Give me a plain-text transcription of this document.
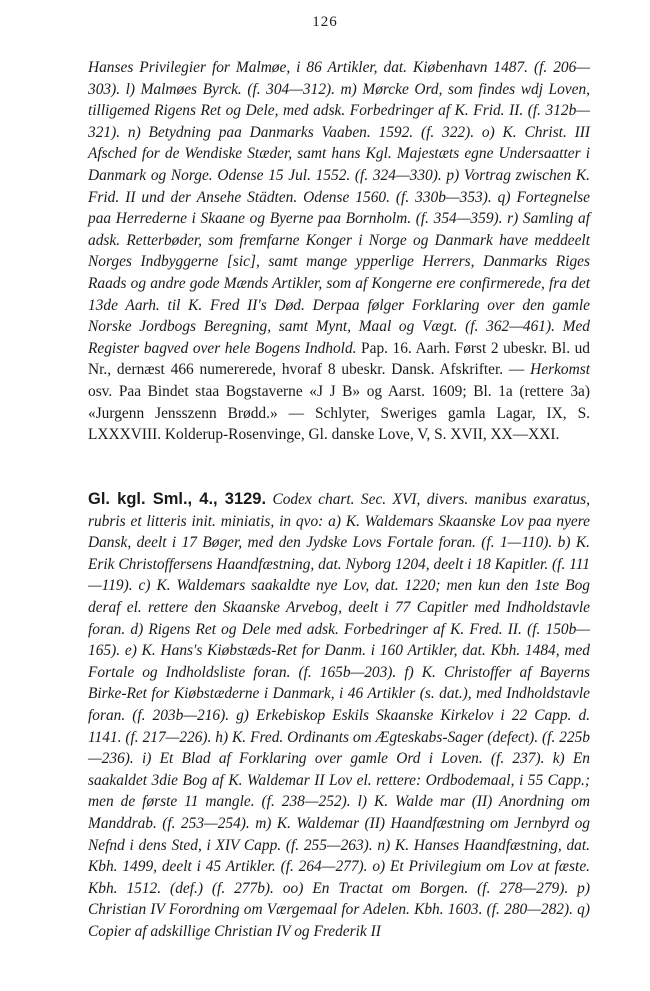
126

Hanses Privilegier for Malmøe, i 86 Artikler, dat. Kiøbenhavn 1487. (f. 206—303). l) Malmøes Byrck. (f. 304—312). m) Mørcke Ord, som findes wdj Loven, tilligemed Rigens Ret og Dele, med adsk. Forbedringer af K. Frid. II. (f. 312b—321). n) Betydning paa Danmarks Vaaben. 1592. (f. 322). o) K. Christ. III Afsched for de Wendiske Stæder, samt hans Kgl. Majestæts egne Undersaatter i Danmark og Norge. Odense 15 Jul. 1552. (f. 324—330). p) Vortrag zwischen K. Frid. II und der Ansehe Städten. Odense 1560. (f. 330b—353). q) Fortegnelse paa Herrederne i Skaane og Byerne paa Bornholm. (f. 354—359). r) Samling af adsk. Retterbøder, som fremfarne Konger i Norge og Danmark have meddeelt Norges Indbyggerne [sic], samt mange ypperlige Herrers, Danmarks Riges Raads og andre gode Mænds Artikler, som af Kongerne ere confirmerede, fra det 13de Aarh. til K. Fred II's Død. Derpaa følger Forklaring over den gamle Norske Jordbogs Beregning, samt Mynt, Maal og Vægt. (f. 362—461). Med Register bagved over hele Bogens Indhold. Pap. 16. Aarh. Først 2 ubeskr. Bl. ud Nr., dernæst 466 numererede, hvoraf 8 ubeskr. Dansk. Afskrifter. — Herkomst osv. Paa Bindet staa Bogstaverne «J J B» og Aarst. 1609; Bl. 1a (rettere 3a) «Jurgenn Jensszenn Brødd.» — Schlyter, Sweriges gamla Lagar, IX, S. LXXXVIII. Kolderup-Rosenvinge, Gl. danske Love, V, S. XVII, XX—XXI.

Gl. kgl. Sml., 4., 3129. Codex chart. Sec. XVI, divers. manibus exaratus, rubris et litteris init. miniatis, in qvo: a) K. Waldemars Skaanske Lov paa nyere Dansk, deelt i 17 Bøger, med den Jydske Lovs Fortale foran. (f. 1—110). b) K. Erik Christoffersens Haandfæstning, dat. Nyborg 1204, deelt i 18 Kapitler. (f. 111—119). c) K. Waldemars saakaldte nye Lov, dat. 1220; men kun den 1ste Bog deraf el. rettere den Skaanske Arvebog, deelt i 77 Capitler med Indholdstavle foran. d) Rigens Ret og Dele med adsk. Forbedringer af K. Fred. II. (f. 150b—165). e) K. Hans's Kiøbstæds-Ret for Danm. i 160 Artikler, dat. Kbh. 1484, med Fortale og Indholdsliste foran. (f. 165b—203). f) K. Christoffer af Bayerns Birke-Ret for Kiøbstæderne i Danmark, i 46 Artikler (s. dat.), med Indholdstavle foran. (f. 203b—216). g) Erkebiskop Eskils Skaanske Kirkelov i 22 Capp. d. 1141. (f. 217—226). h) K. Fred. Ordinants om Ægteskabs-Sager (defect). (f. 225b—236). i) Et Blad af Forklaring over gamle Ord i Loven. (f. 237). k) En saakaldet 3die Bog af K. Waldemar II Lov el. rettere: Ordbodemaal, i 55 Capp.; men de første 11 mangle. (f. 238—252). l) K. Walde mar (II) Anordning om Manddrab. (f. 253—254). m) K. Waldemar (II) Haandfæstning om Jernbyrd og Nefnd i dens Sted, i XIV Capp. (f. 255—263). n) K. Hanses Haandfæstning, dat. Kbh. 1499, deelt i 45 Artikler. (f. 264—277). o) Et Privilegium om Lov at fæste. Kbh. 1512. (def.) (f. 277b). oo) En Tractat om Borgen. (f. 278—279). p) Christian IV Forordning om Værgemaal for Adelen. Kbh. 1603. (f. 280—282). q) Copier af adskillige Christian IV og Frederik II
